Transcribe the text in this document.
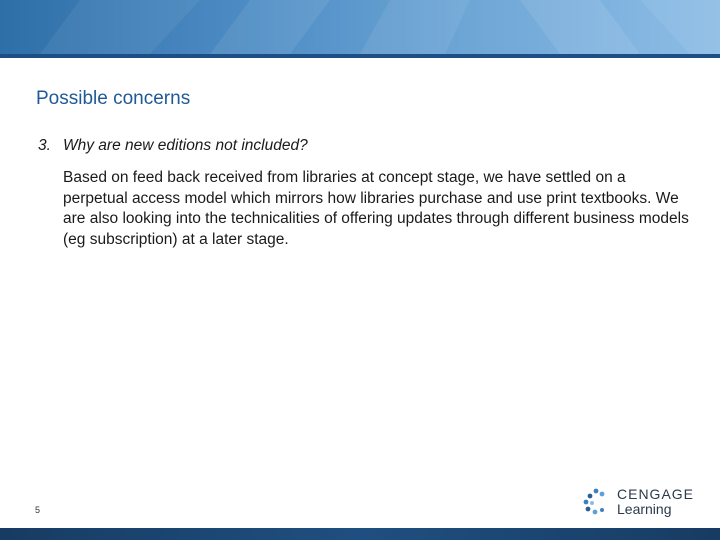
Possible concerns

3. Why are new editions not included?

Based on feed back received from libraries at concept stage, we have settled on a perpetual access model which mirrors how libraries purchase and use print textbooks. We are also looking into the technicalities of offering updates through different business models (eg subscription) at a later stage.

5
CENGAGE
Learning
